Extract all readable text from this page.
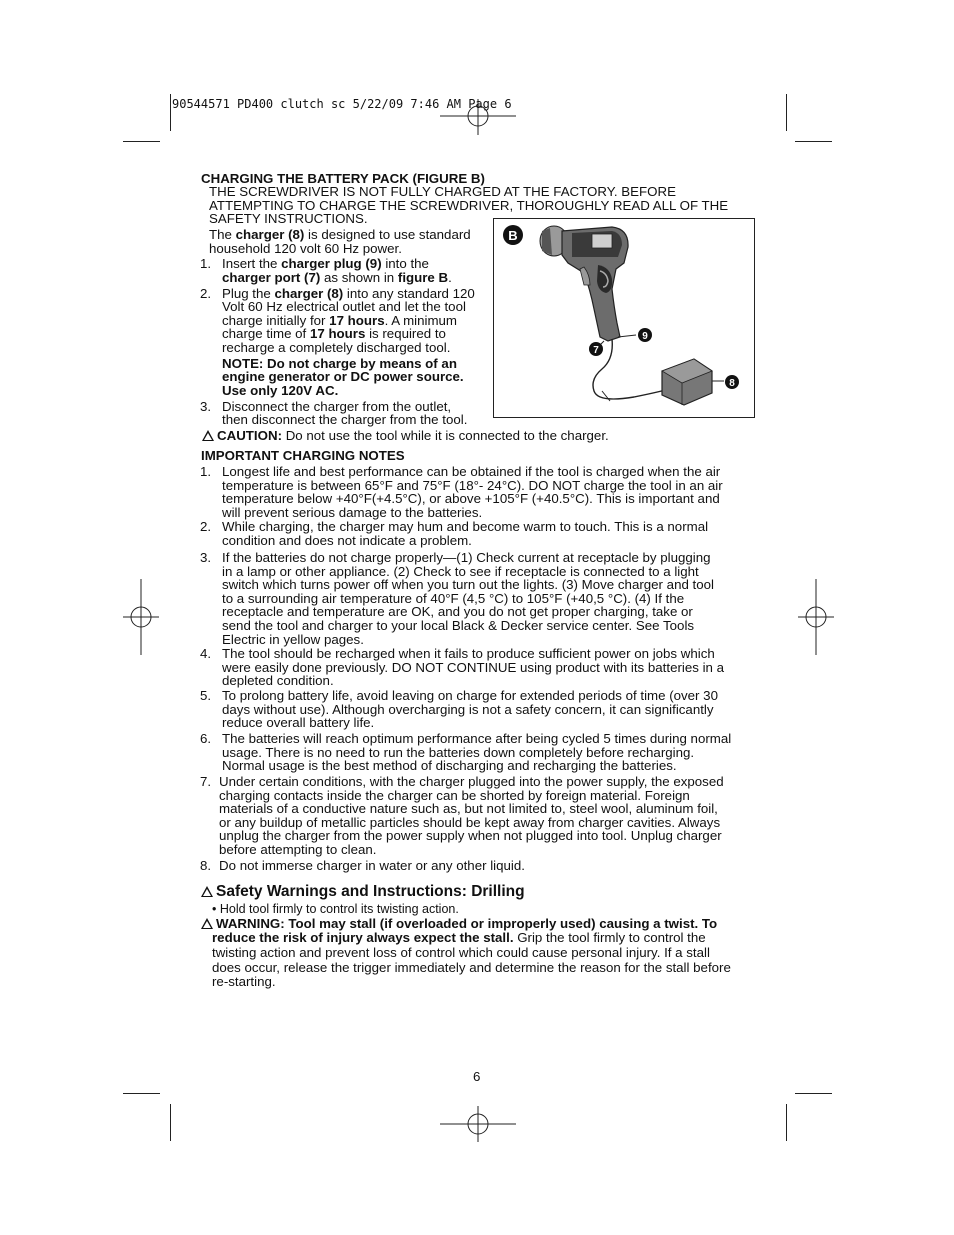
90544571 PD400 clutch sc 5/22/09 7:46 AM Page 6
CHARGING THE BATTERY PACK (FIGURE B)
THE SCREWDRIVER IS NOT FULLY CHARGED AT THE FACTORY. BEFORE
ATTEMPTING TO CHARGE THE SCREWDRIVER, THOROUGHLY READ ALL OF THE
SAFETY INSTRUCTIONS.
The charger (8) is designed to use standard
household 120 volt 60 Hz power.
1. Insert the charger plug (9) into the
charger port (7) as shown in figure B.
2. Plug the charger (8) into any standard 120
Volt 60 Hz electrical outlet and let the tool
charge initially for 17 hours. A minimum
charge time of 17 hours is required to
recharge a completely discharged tool.
NOTE: Do not charge by means of an
engine generator or DC power source.
Use only 120V AC.
3. Disconnect the charger from the outlet,
then disconnect the charger from the tool.
CAUTION: Do not use the tool while it is connected to the charger.
B
9
7
8
IMPORTANT CHARGING NOTES
1. Longest life and best performance can be obtained if the tool is charged when the air
temperature is between 65°F and 75°F (18°- 24°C). DO NOT charge the tool in an air
temperature below +40°F(+4.5°C), or above +105°F (+40.5°C). This is important and
will prevent serious damage to the batteries.
2. While charging, the charger may hum and become warm to touch. This is a normal
condition and does not indicate a problem.
3. If the batteries do not charge properly—(1) Check current at receptacle by plugging
in a lamp or other appliance. (2) Check to see if receptacle is connected to a light
switch which turns power off when you turn out the lights. (3) Move charger and tool
to a surrounding air temperature of 40°F (4,5 °C) to 105°F (+40,5 °C). (4) If the
receptacle and temperature are OK, and you do not get proper charging, take or
send the tool and charger to your local Black & Decker service center. See Tools
Electric in yellow pages.
4. The tool should be recharged when it fails to produce sufficient power on jobs which
were easily done previously. DO NOT CONTINUE using product with its batteries in a
depleted condition.
5. To prolong battery life, avoid leaving on charge for extended periods of time (over 30
days without use). Although overcharging is not a safety concern, it can significantly
reduce overall battery life.
6. The batteries will reach optimum performance after being cycled 5 times during normal
usage. There is no need to run the batteries down completely before recharging.
Normal usage is the best method of discharging and recharging the batteries.
7. Under certain conditions, with the charger plugged into the power supply, the exposed
charging contacts inside the charger can be shorted by foreign material. Foreign
materials of a conductive nature such as, but not limited to, steel wool, aluminum foil,
or any buildup of metallic particles should be kept away from charger cavities. Always
unplug the charger from the power supply when not plugged into tool. Unplug charger
before attempting to clean.
8. Do not immerse charger in water or any other liquid.
Safety Warnings and Instructions: Drilling
• Hold tool firmly to control its twisting action.
WARNING: Tool may stall (if overloaded or improperly used) causing a twist. To
reduce the risk of injury always expect the stall. Grip the tool firmly to control the
twisting action and prevent loss of control which could cause personal injury. If a stall
does occur, release the trigger immediately and determine the reason for the stall before
re-starting.
6
